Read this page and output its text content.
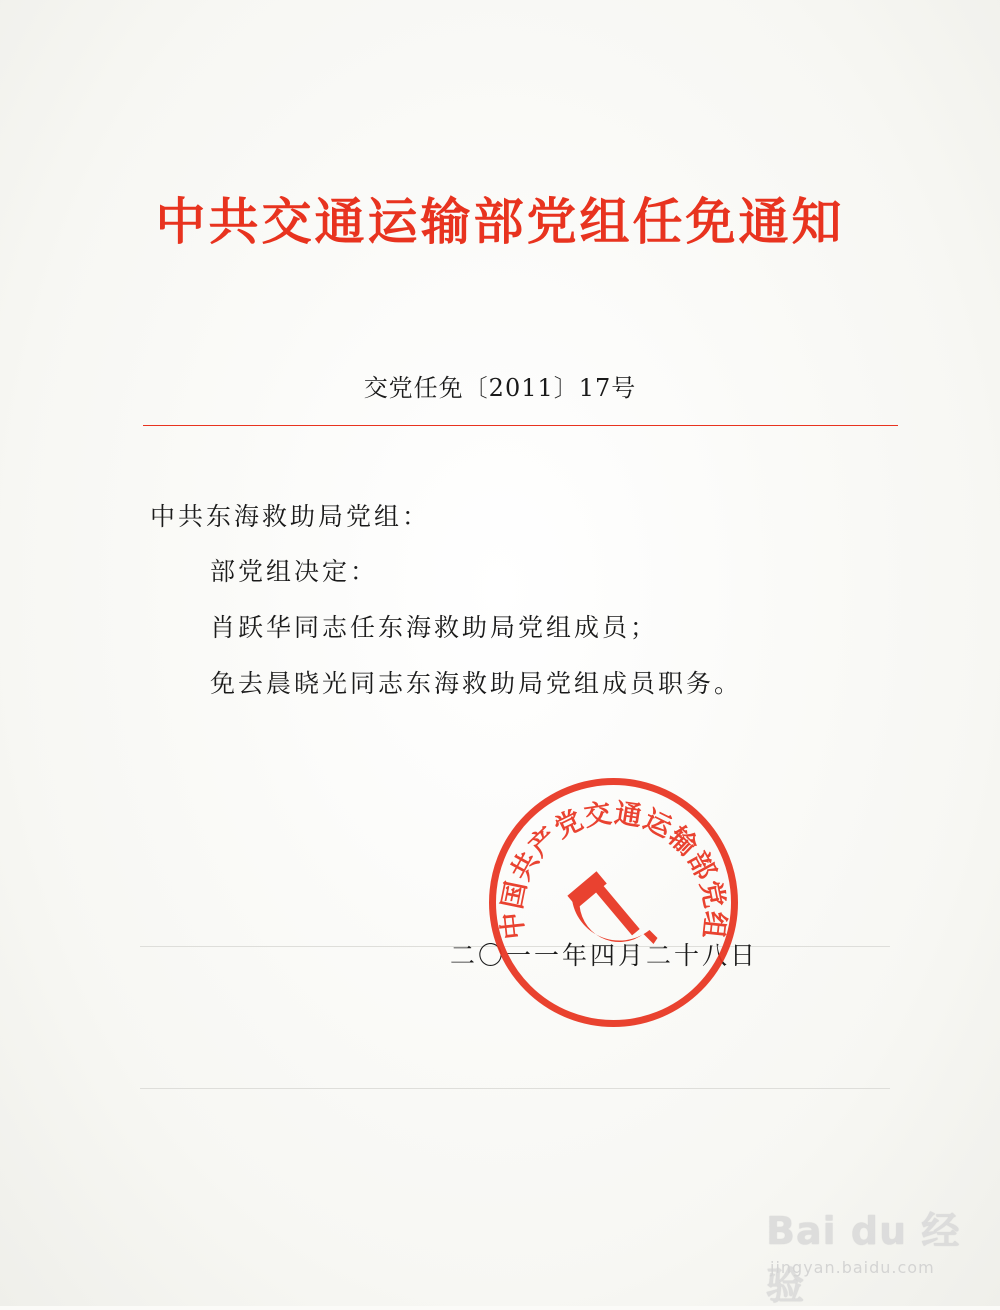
中共交通运输部党组任免通知
交党任免〔2011〕17号
中共东海救助局党组：
部党组决定：
肖跃华同志任东海救助局党组成员；
免去晨晓光同志东海救助局党组成员职务。
二〇一一年四月二十八日
中国共产党交通运输部党组
Bai du 经验
jingyan.baidu.com
